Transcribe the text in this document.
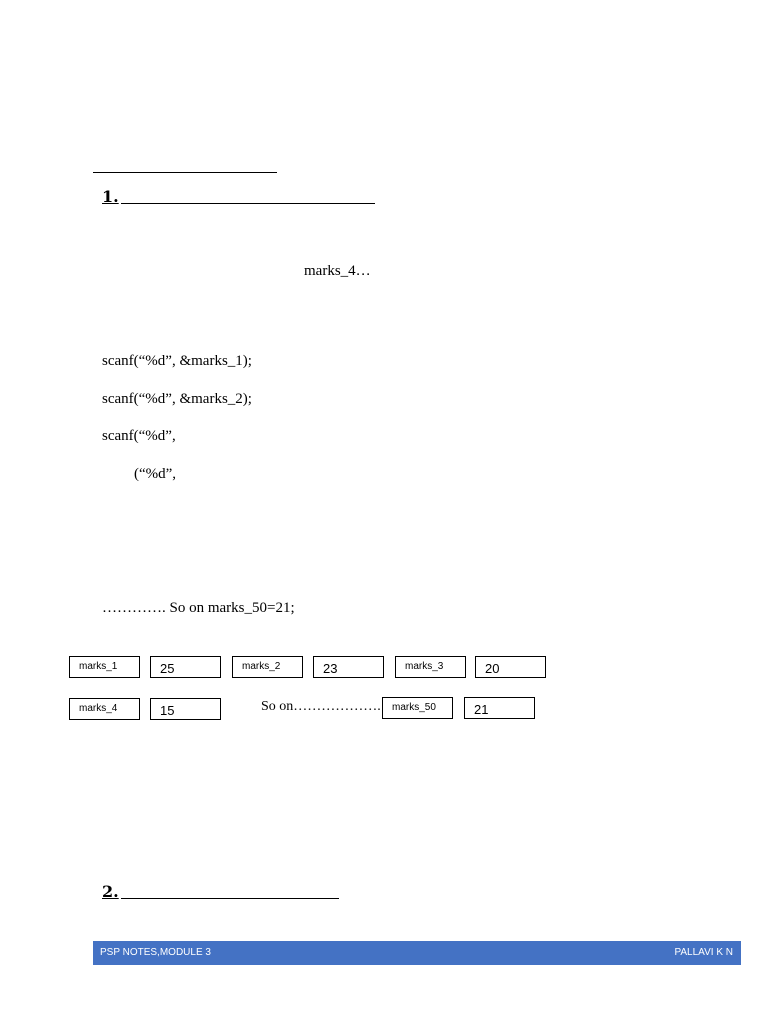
1.
marks_4…
scanf(“%d”, &marks_1);
scanf(“%d”, &marks_2);
scanf(“%d”,
(“%d”,
…………. So on marks_50=21;
marks_1	25	marks_2	23	marks_3	20
marks_4	15	So on……………….	marks_50	21
2.
PSP NOTES,MODULE 3	PALLAVI K N
